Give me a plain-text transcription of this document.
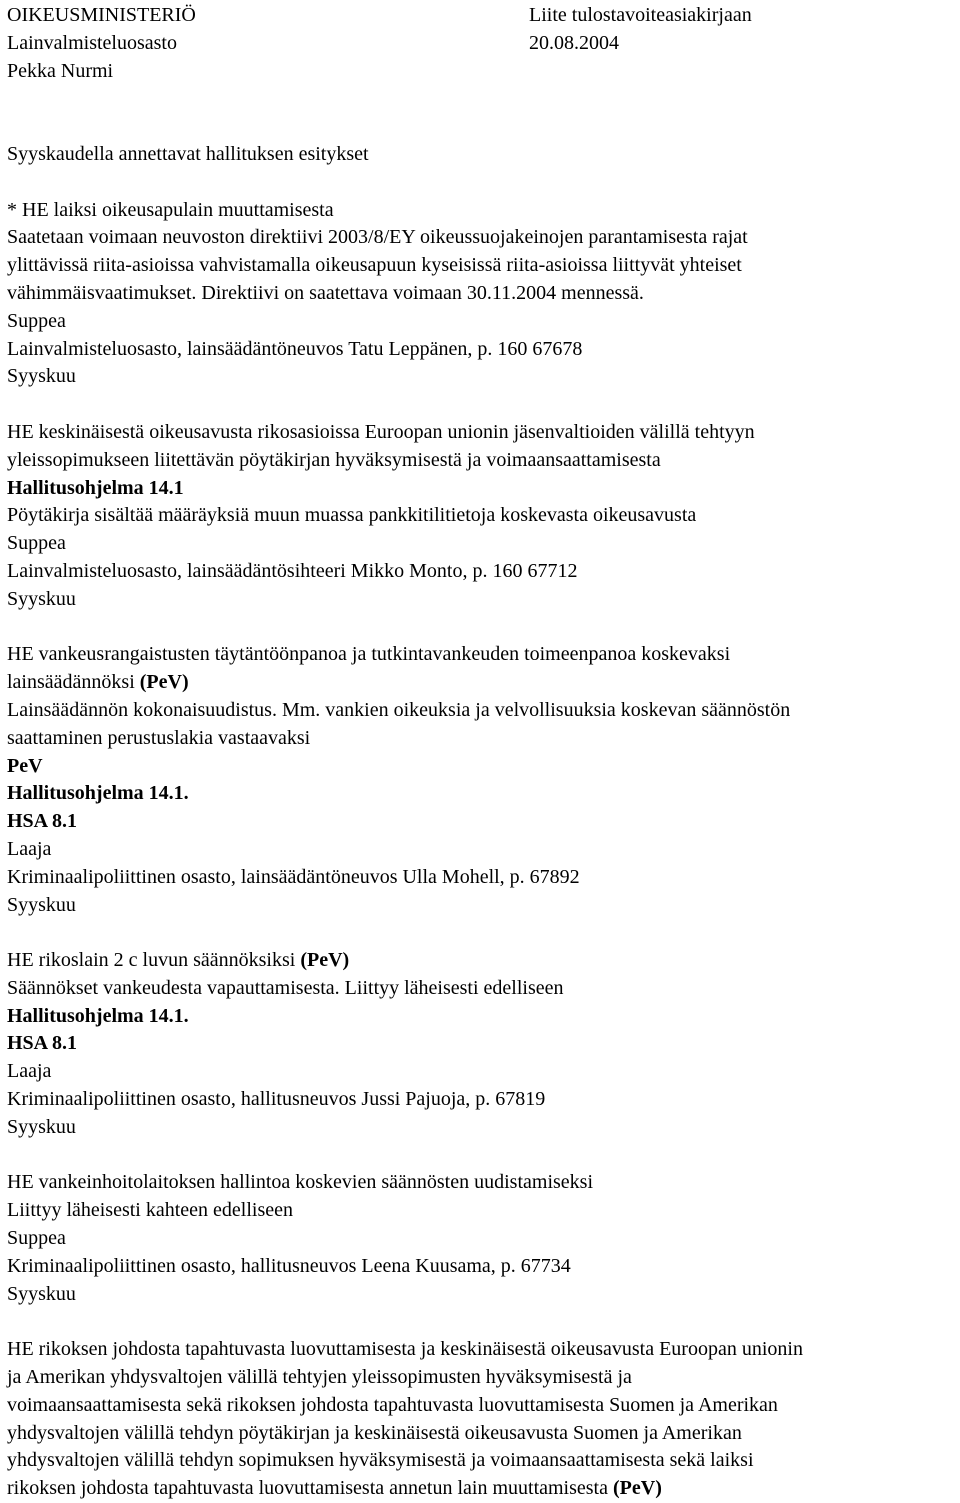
OIKEUSMINISTERIÖ	Liite tulostavoiteasiakirjaan
Lainvalmisteluosasto	20.08.2004
Pekka Nurmi
Syyskaudella annettavat hallituksen esitykset
* HE laiksi oikeusapulain muuttamisesta
Saatetaan voimaan neuvoston direktiivi 2003/8/EY oikeussuojakeinojen parantamisesta rajat
ylittävissä riita-asioissa vahvistamalla oikeusapuun kyseisissä riita-asioissa liittyvät yhteiset
vähimmäisvaatimukset. Direktiivi on saatettava voimaan 30.11.2004 mennessä.
Suppea
Lainvalmisteluosasto, lainsäädäntöneuvos Tatu Leppänen, p. 160 67678
Syyskuu
HE keskinäisestä oikeusavusta rikosasioissa Euroopan unionin jäsenvaltioiden välillä tehtyyn
yleissopimukseen liitettävän pöytäkirjan hyväksymisestä ja voimaansaattamisesta
Hallitusohjelma 14.1
Pöytäkirja sisältää määräyksiä muun muassa pankkitilitietoja koskevasta oikeusavusta
Suppea
Lainvalmisteluosasto, lainsäädäntösihteeri Mikko Monto, p. 160 67712
Syyskuu
HE vankeusrangaistusten täytäntöönpanoa ja tutkintavankeuden toimeenpanoa koskevaksi
lainsäädännöksi (PeV)
Lainsäädännön kokonaisuudistus. Mm. vankien oikeuksia ja velvollisuuksia koskevan säännöstön
saattaminen perustuslakia vastaavaksi
PeV
Hallitusohjelma 14.1.
HSA 8.1
Laaja
Kriminaalipoliittinen osasto, lainsäädäntöneuvos Ulla Mohell, p. 67892
Syyskuu
HE rikoslain 2 c luvun säännöksiksi (PeV)
Säännökset vankeudesta vapauttamisesta. Liittyy läheisesti edelliseen
Hallitusohjelma 14.1.
HSA 8.1
Laaja
Kriminaalipoliittinen osasto, hallitusneuvos Jussi Pajuoja, p. 67819
Syyskuu
HE vankeinhoitolaitoksen hallintoa koskevien säännösten uudistamiseksi
Liittyy läheisesti kahteen edelliseen
Suppea
Kriminaalipoliittinen osasto, hallitusneuvos Leena Kuusama, p. 67734
Syyskuu
HE rikoksen johdosta tapahtuvasta luovuttamisesta ja keskinäisestä oikeusavusta Euroopan unionin
ja Amerikan yhdysvaltojen välillä tehtyjen yleissopimusten hyväksymisestä ja
voimaansaattamisesta sekä rikoksen johdosta tapahtuvasta luovuttamisesta Suomen ja Amerikan
yhdysvaltojen välillä tehdyn pöytäkirjan ja keskinäisestä oikeusavusta Suomen ja Amerikan
yhdysvaltojen välillä tehdyn sopimuksen hyväksymisestä ja voimaansaattamisesta sekä laiksi
rikoksen johdosta tapahtuvasta luovuttamisesta annetun lain muuttamisesta (PeV)
